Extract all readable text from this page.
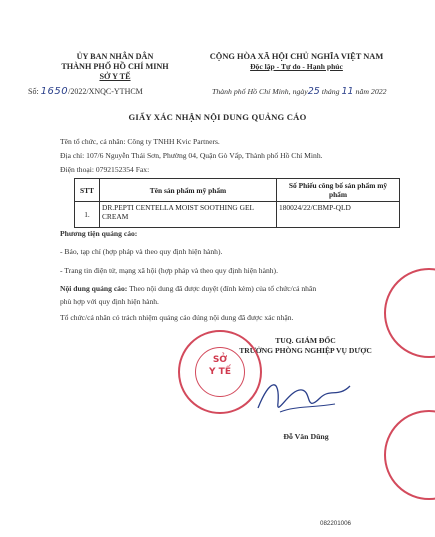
ỦY BAN NHÂN DÂN
THÀNH PHỐ HỒ CHÍ MINH
SỞ Y TẾ
CỘNG HÒA XÃ HỘI CHỦ NGHĨA VIỆT NAM
Độc lập - Tự do - Hạnh phúc
Số: 1650/2022/XNQC-YTHCM	Thành phố Hồ Chí Minh, ngày25 tháng 11 năm 2022
GIẤY XÁC NHẬN NỘI DUNG QUẢNG CÁO
Tên tổ chức, cá nhân: Công ty TNHH Kvic Partners.
Địa chỉ: 107/6 Nguyễn Thái Sơn, Phường 04, Quận Gò Vấp, Thành phố Hồ Chí Minh.
Điện thoại: 0792152354 Fax:
STT	Tên sản phẩm mỹ phẩm	Số Phiếu công bố sản phẩm mỹ phẩm
1.	DR.PEPTI CENTELLA MOIST SOOTHING GEL CREAM	180024/22/CBMP-QLD
Phương tiện quảng cáo:
- Báo, tạp chí (hợp pháp và theo quy định hiện hành).
- Trang tin điện tử, mạng xã hội (hợp pháp và theo quy định hiện hành).
Nội dung quảng cáo: Theo nội dung đã được duyệt (đính kèm) của tổ chức/cá nhân
phù hợp với quy định hiện hành.
Tổ chức/cá nhân có trách nhiệm quảng cáo đúng nội dung đã được xác nhận.
TUQ. GIÁM ĐỐC
TRƯỞNG PHÒNG NGHIỆP VỤ DƯỢC
SỞ
Y TẾ
Đỗ Văn Dũng
082201006
